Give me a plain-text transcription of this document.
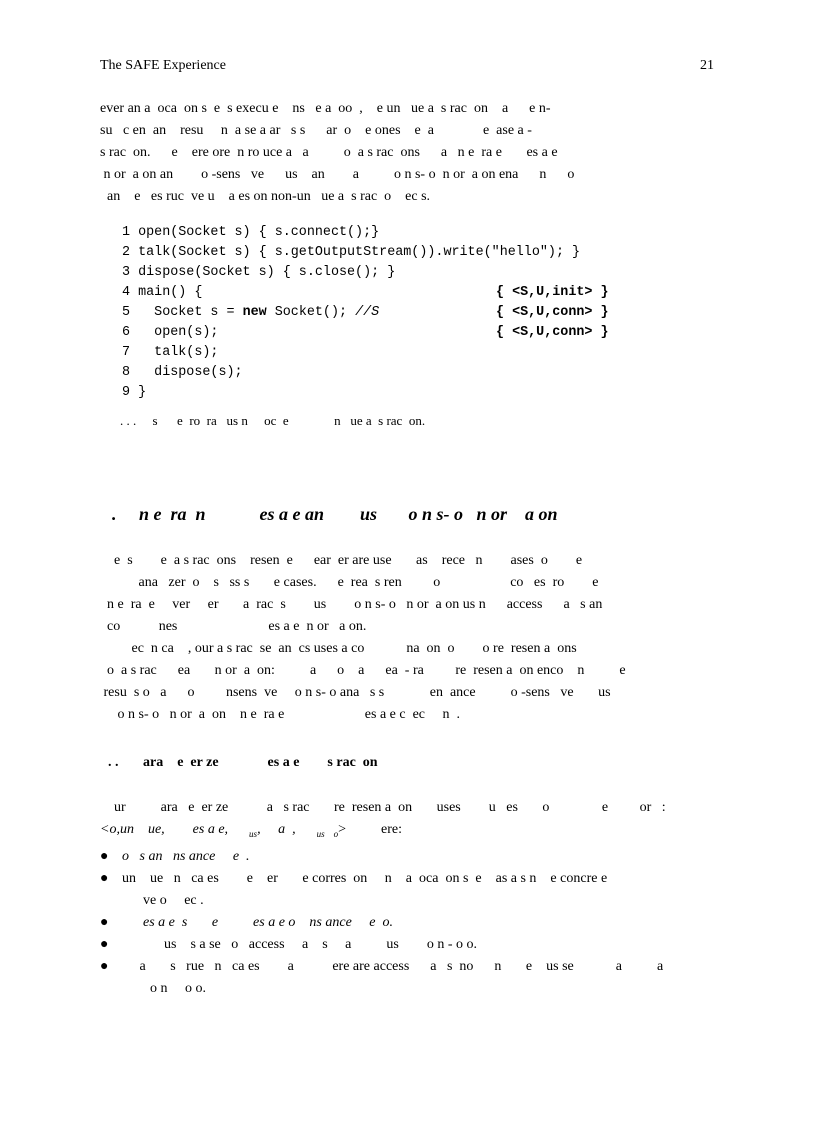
The SAFE Experience	21
ever an a  oca  on s  e  s execu e    ns   e a  oo  ,    e un   ue a  s rac  on    a      e n-
su   c en  an    resu     n  a se a ar   s s      ar  o    e ones    e  a              e  ase a -
s rac  on.      e    ere ore  n ro uce a   a          o  a s rac  ons      a   n e  ra e       es a e
n or  a on an        o -sens   ve      us    an        a          o n s- o  n or  a on ena      n      o
an    e   es ruc  ve u    a es on non-un   ue a  s rac  o    ec s.
1 open(Socket s) { s.connect();}
2 talk(Socket s) { s.getOutputStream()).write("hello"); }
3 dispose(Socket s) { s.close(); }
4 main() {
5   Socket s = new Socket(); //S
6   open(s);
7   talk(s);
8   dispose(s);
9 }
{ <S,U,init> }
{ <S,U,conn> }
{ <S,U,conn> }
. . .     s      e  ro  ra   us n     oc  e              n   ue a  s rac  on.
.     n e  ra  n            es a e an        us       o n s- o   n or    a on
e  s        e  a s rac  ons    resen  e      ear  er are use       as    rece   n        ases  o        e
ana   zer  o    s   ss s       e cases.      e  rea  s ren         o                    co   es  ro        e
n e  ra  e     ver     er       a  rac  s        us        o n s- o   n or  a on us n      access      a   s an
co           nes                          es a e  n or   a on.
ec  n ca    , our a s rac  se  an  cs uses a co            na  on  o        o re  resen a  ons
o  a s rac      ea       n or  a  on:          a      o    a      ea  - ra         re  resen a  on enco    n          e
resu  s o   a      o         nsens  ve     o n s- o ana   s s             en  ance          o -sens   ve       us
o n s- o   n or  a  on    n e  ra e                       es a e c  ec     n  .
. .       ara    e  er ze              es a e        s rac  on
ur          ara   e  er ze           a   s rac       re  resen a  on       uses        u   es       o               e         or   :
<o,un    ue,        es a e, $_{us}$,     a  , $_{us o}$>          ere:
● o   s an   ns ance     e  .
● un    ue   n   ca es        e    er       e corres  on     n    a  oca  on s  e    as a s n    e concre e
ve o     ec .
● es a e  s       e          es a e o    ns ance     e  o.
● us    s a se   o   access     a    s     a          us        o n - o o.
● a       s   rue   n   ca es        a           ere are access      a   s  no      n       e    us se            a          a
o n     o o.
